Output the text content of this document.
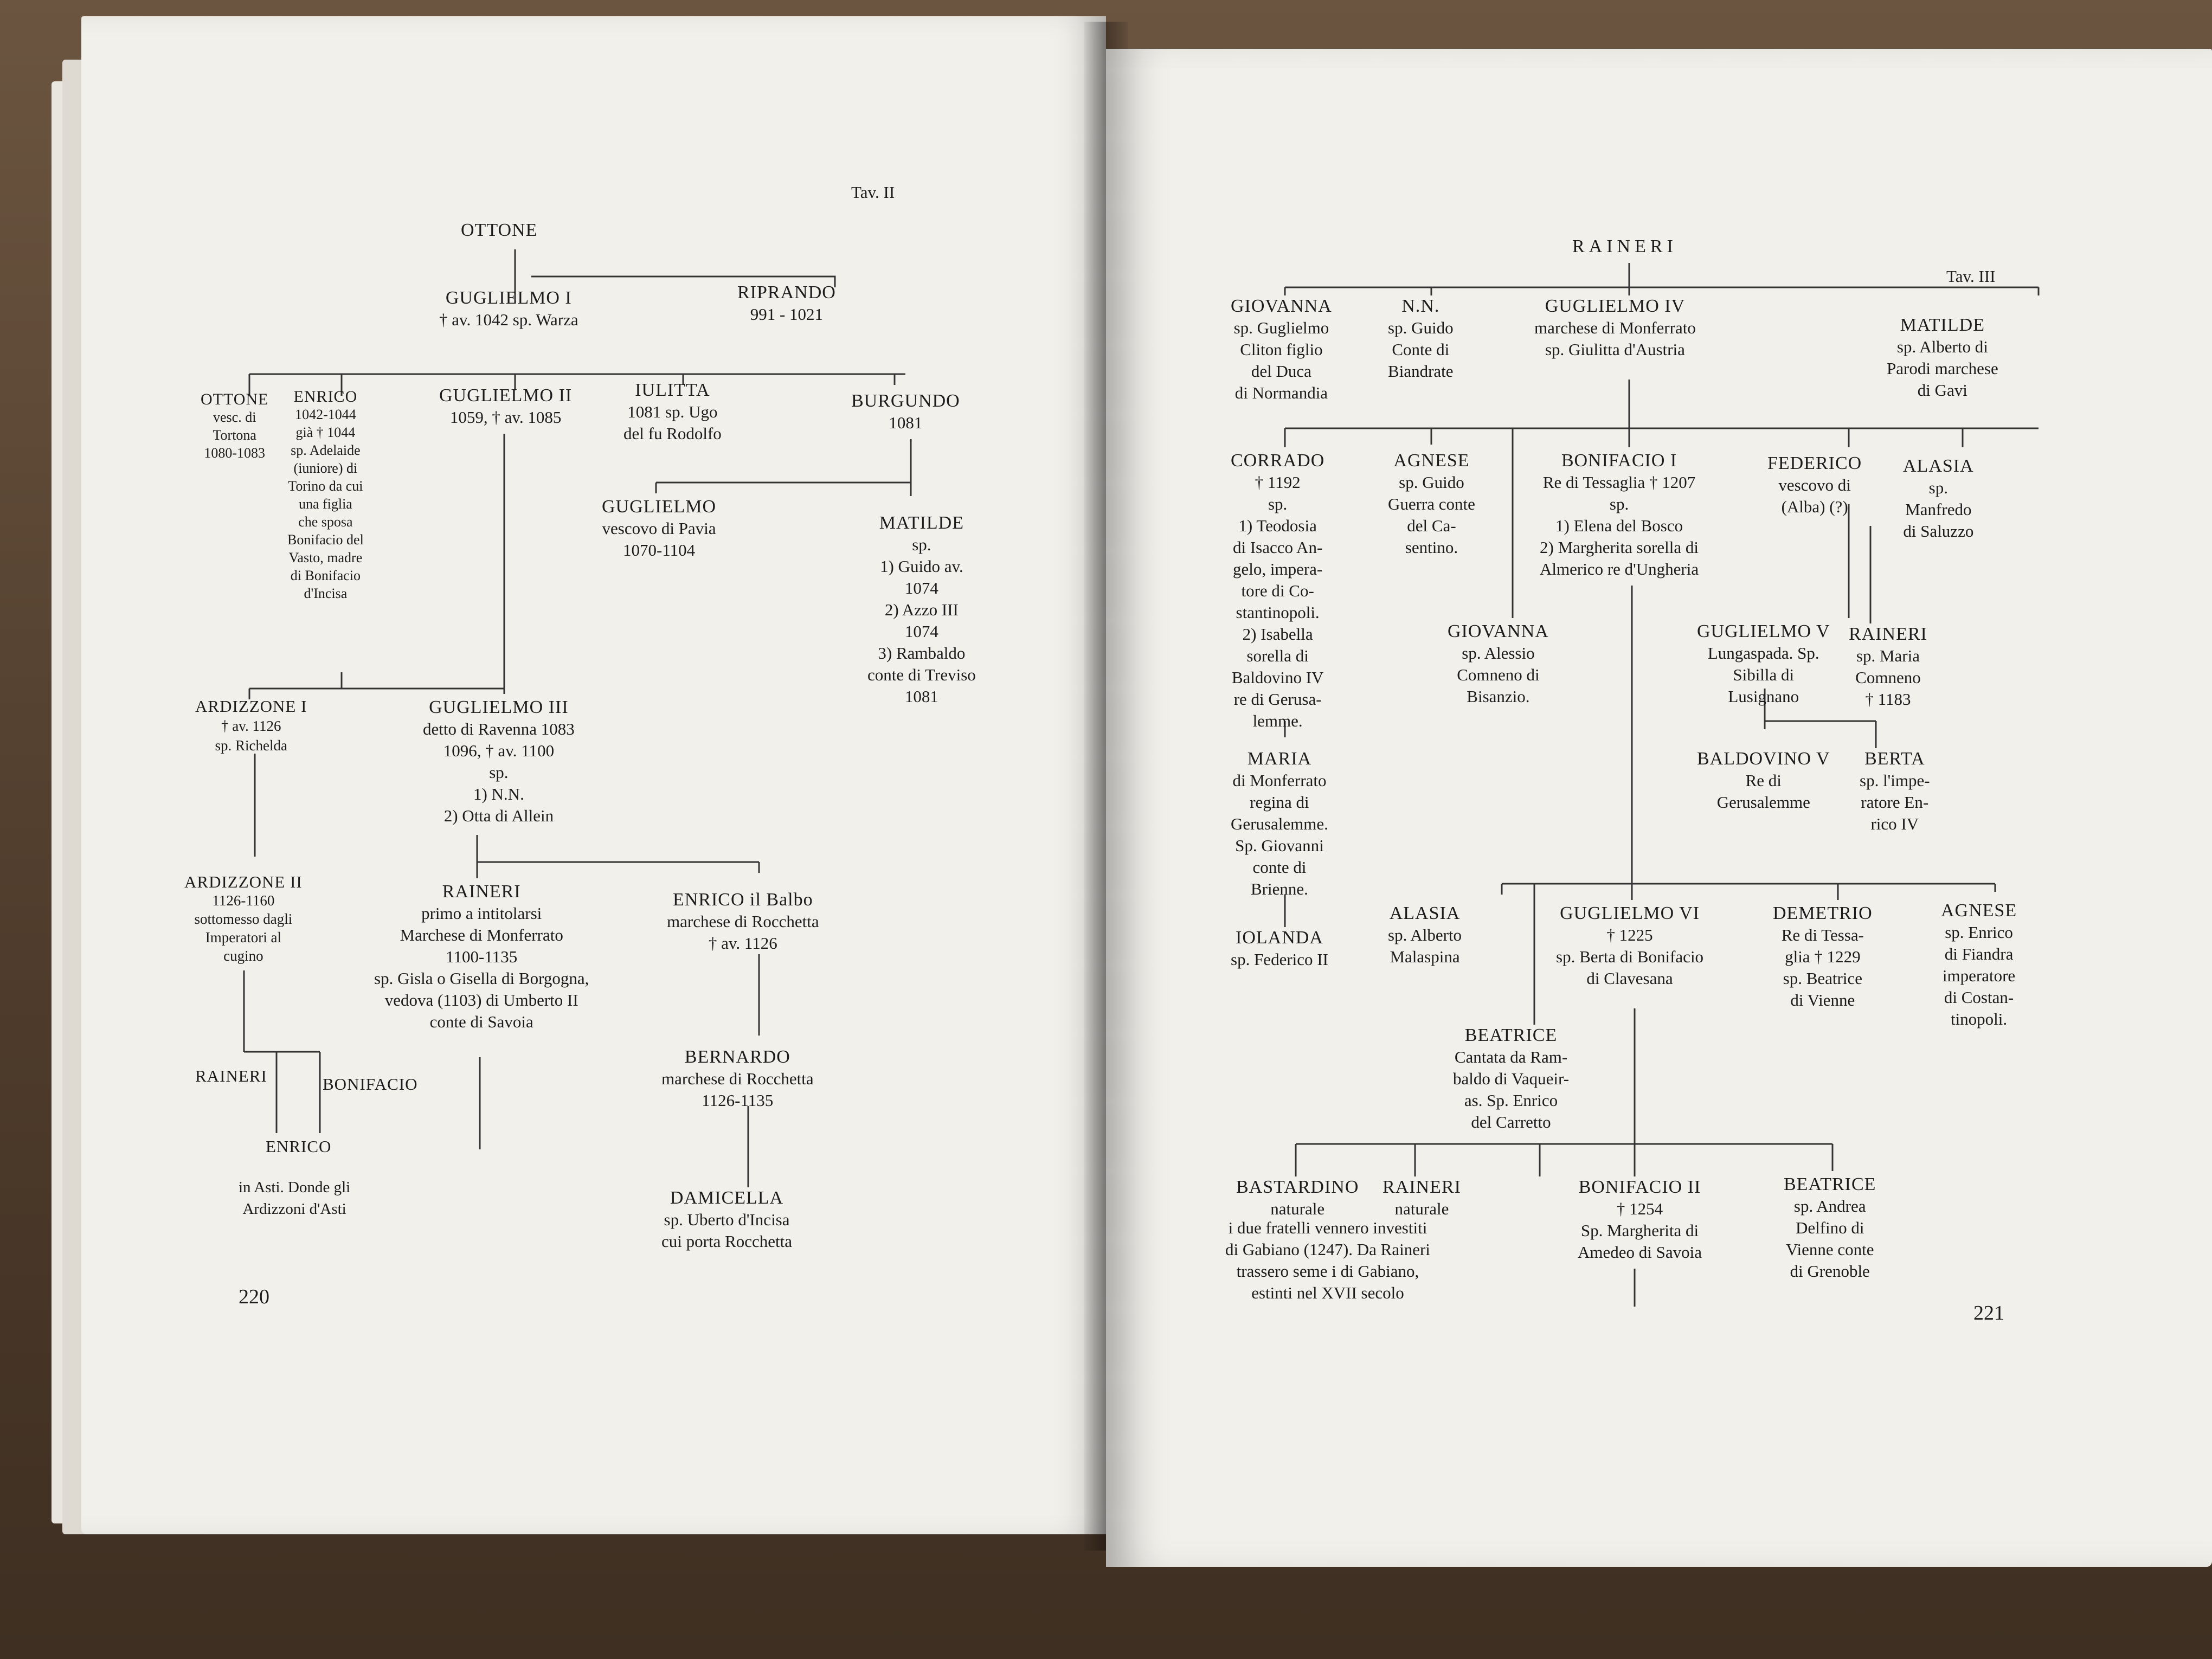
Tav. II
OTTONE
GUGLIELMO I
† av. 1042 sp. Warza
RIPRANDO
991 - 1021
OTTONE
vesc. di
Tortona
1080-1083
ENRICO
1042-1044
già † 1044
sp. Adelaide
(iuniore) di
Torino da cui
una figlia
che sposa
Bonifacio del
Vasto, madre
di Bonifacio
d'Incisa
GUGLIELMO II
1059, † av. 1085
IULITTA
1081 sp. Ugo
del fu Rodolfo
BURGUNDO
1081
GUGLIELMO
vescovo di Pavia
1070-1104
MATILDE
sp.
1) Guido av.
1074
2) Azzo III
1074
3) Rambaldo
conte di Treviso
1081
ARDIZZONE I
† av. 1126
sp. Richelda
GUGLIELMO III
detto di Ravenna 1083
1096, † av. 1100
sp.
1) N.N.
2) Otta di Allein
ARDIZZONE II
1126-1160
sottomesso dagli
Imperatori al
cugino
RAINERI
primo a intitolarsi
Marchese di Monferrato
1100-1135
sp. Gisla o Gisella di Borgogna,
vedova (1103) di Umberto II
conte di Savoia
ENRICO il Balbo
marchese di Rocchetta
† av. 1126
BERNARDO
marchese di Rocchetta
1126-1135
RAINERI	BONIFACIO
ENRICO
in Asti. Donde gli
Ardizzoni d'Asti
DAMICELLA
sp. Uberto d'Incisa
cui porta Rocchetta
220
Tav. III
RAINERI
GIOVANNA
sp. Guglielmo
Cliton figlio
del Duca
di Normandia
N.N.
sp. Guido
Conte di
Biandrate
GUGLIELMO IV
marchese di Monferrato
sp. Giulitta d'Austria
MATILDE
sp. Alberto di
Parodi marchese
di Gavi
CORRADO
† 1192
sp.
1) Teodosia
di Isacco An-
gelo, impera-
tore di Co-
stantinopoli.
2) Isabella
sorella di
Baldovino IV
re di Gerusa-
lemme.
AGNESE
sp. Guido
Guerra conte
del Ca-
sentino.
BONIFACIO I
Re di Tessaglia † 1207
sp.
1) Elena del Bosco
2) Margherita sorella di
Almerico re d'Ungheria
FEDERICO
vescovo di
(Alba) (?)
ALASIA
sp.
Manfredo
di Saluzzo
GIOVANNA
sp. Alessio
Comneno di
Bisanzio.
GUGLIELMO V
Lungaspada. Sp.
Sibilla di
Lusignano
RAINERI
sp. Maria
Comneno
† 1183
MARIA
di Monferrato
regina di
Gerusalemme.
Sp. Giovanni
conte di
Brienne.
BALDOVINO V
Re di
Gerusalemme
BERTA
sp. l'impe-
ratore En-
rico IV
IOLANDA
sp. Federico II
ALASIA
sp. Alberto
Malaspina
GUGLIELMO VI
† 1225
sp. Berta di Bonifacio
di Clavesana
DEMETRIO
Re di Tessa-
glia † 1229
sp. Beatrice
di Vienne
AGNESE
sp. Enrico
di Fiandra
imperatore
di Costan-
tinopoli.
BEATRICE
Cantata da Ram-
baldo di Vaqueir-
as. Sp. Enrico
del Carretto
BASTARDINO
naturale
RAINERI
naturale
i due fratelli vennero investiti
di Gabiano (1247). Da Raineri
trassero seme i di Gabiano,
estinti nel XVII secolo
BONIFACIO II
† 1254
Sp. Margherita di
Amedeo di Savoia
BEATRICE
sp. Andrea
Delfino di
Vienne conte
di Grenoble
221
